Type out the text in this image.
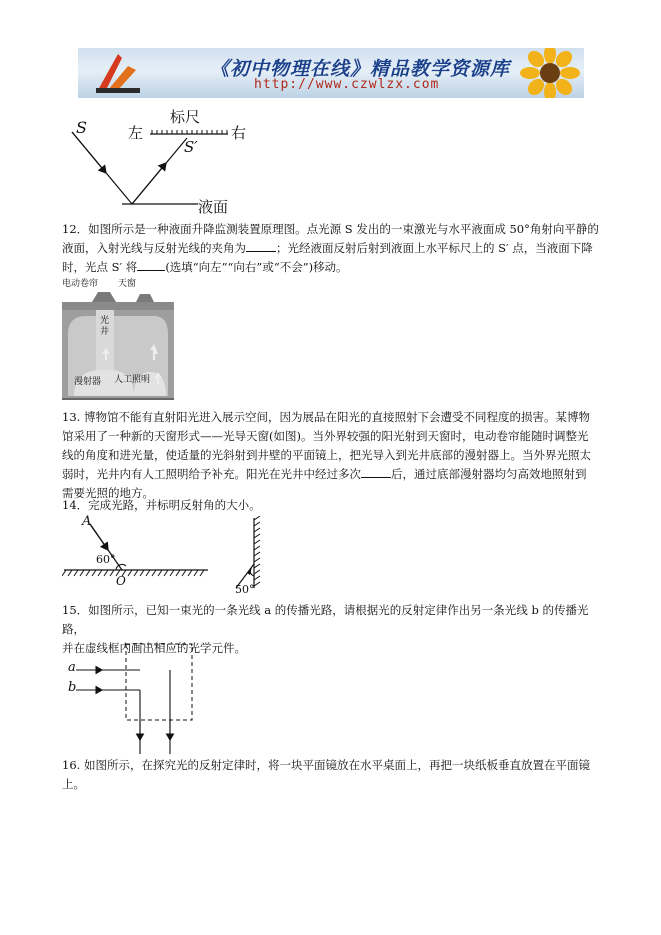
《初中物理在线》精品教学资源库
http://www.czwlzx.com
S
标尺
左	右
S′
液面
12．如图所示是一种液面升降监测装置原理图。点光源 S 发出的一束激光与水平液面成 50°角射向平静的
液面，入射光线与反射光线的夹角为	；光经液面反射后射到液面上水平标尺上的 S′ 点，当液面下降
时，光点 S′ 将 (选填“向左”“向右”或“不会”)移动。
电动卷帘 天窗
光井
漫射器 人工照明
13. 博物馆不能有直射阳光进入展示空间，因为展品在阳光的直接照射下会遭受不同程度的损害。某博物
馆采用了一种新的天窗形式——光导天窗(如图)。当外界较强的阳光射到天窗时，电动卷帘能随时调整光
线的角度和进光量，使适量的光斜射到井壁的平面镜上，把光导入到光井底部的漫射器上。当外界光照太
弱时，光井内有人工照明给予补充。阳光在光井中经过多次	后，通过底部漫射器均匀高效地照射到
需要光照的地方。
14．完成光路，并标明反射角的大小。
A
60°
O
50°
15．如图所示，已知一束光的一条光线 a 的传播光路，请根据光的反射定律作出另一条光线 b 的传播光路，
并在虚线框内画出相应的光学元件。
a
b
16. 如图所示，在探究光的反射定律时，将一块平面镜放在水平桌面上，再把一块纸板垂直放置在平面镜
上。
